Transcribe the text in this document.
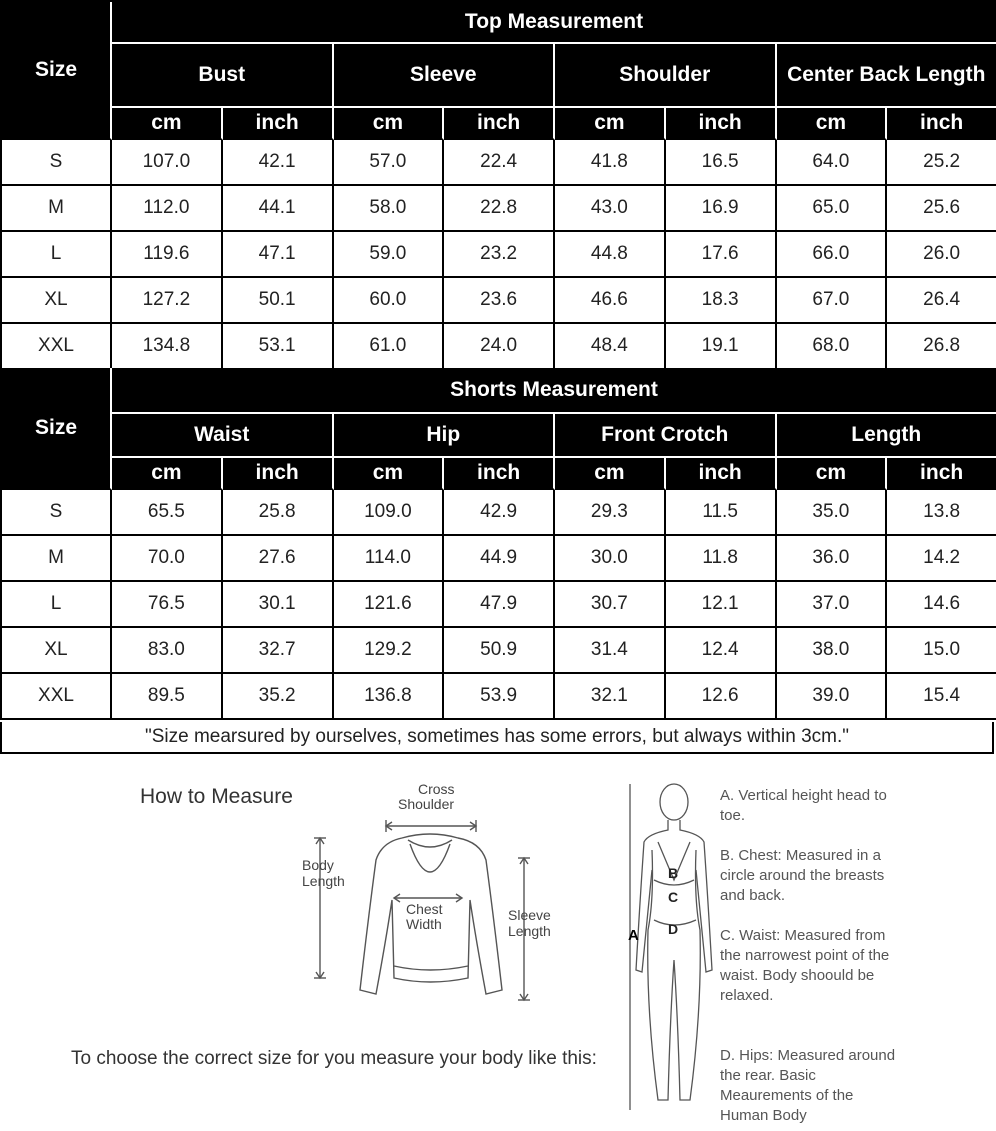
Size
Top Measurement
Bust	Sleeve	Shoulder	Center Back Length
cm	inch	cm	inch	cm	inch	cm	inch
S	107.0	42.1	57.0	22.4	41.8	16.5	64.0	25.2
M	112.0	44.1	58.0	22.8	43.0	16.9	65.0	25.6
L	119.6	47.1	59.0	23.2	44.8	17.6	66.0	26.0
XL	127.2	50.1	60.0	23.6	46.6	18.3	67.0	26.4
XXL	134.8	53.1	61.0	24.0	48.4	19.1	68.0	26.8
Size
Shorts Measurement
Waist	Hip	Front Crotch	Length
cm	inch	cm	inch	cm	inch	cm	inch
S	65.5	25.8	109.0	42.9	29.3	11.5	35.0	13.8
M	70.0	27.6	114.0	44.9	30.0	11.8	36.0	14.2
L	76.5	30.1	121.6	47.9	30.7	12.1	37.0	14.6
XL	83.0	32.7	129.2	50.9	31.4	12.4	38.0	15.0
XXL	89.5	35.2	136.8	53.9	32.1	12.6	39.0	15.4
"Size mearsured by ourselves, sometimes has some errors, but always within 3cm."
How to Measure
To choose the correct size for you measure your body like this:
Cross
Shoulder
Body
Length
Chest
Width
Sleeve
Length	A
B
C
D
A. Vertical height head to toe.
B. Chest: Measured in a circle around the breasts and back.
C. Waist: Measured from the narrowest point of the waist. Body shoould be relaxed.
D. Hips: Measured around the rear. Basic Meaurements of the Human Body
